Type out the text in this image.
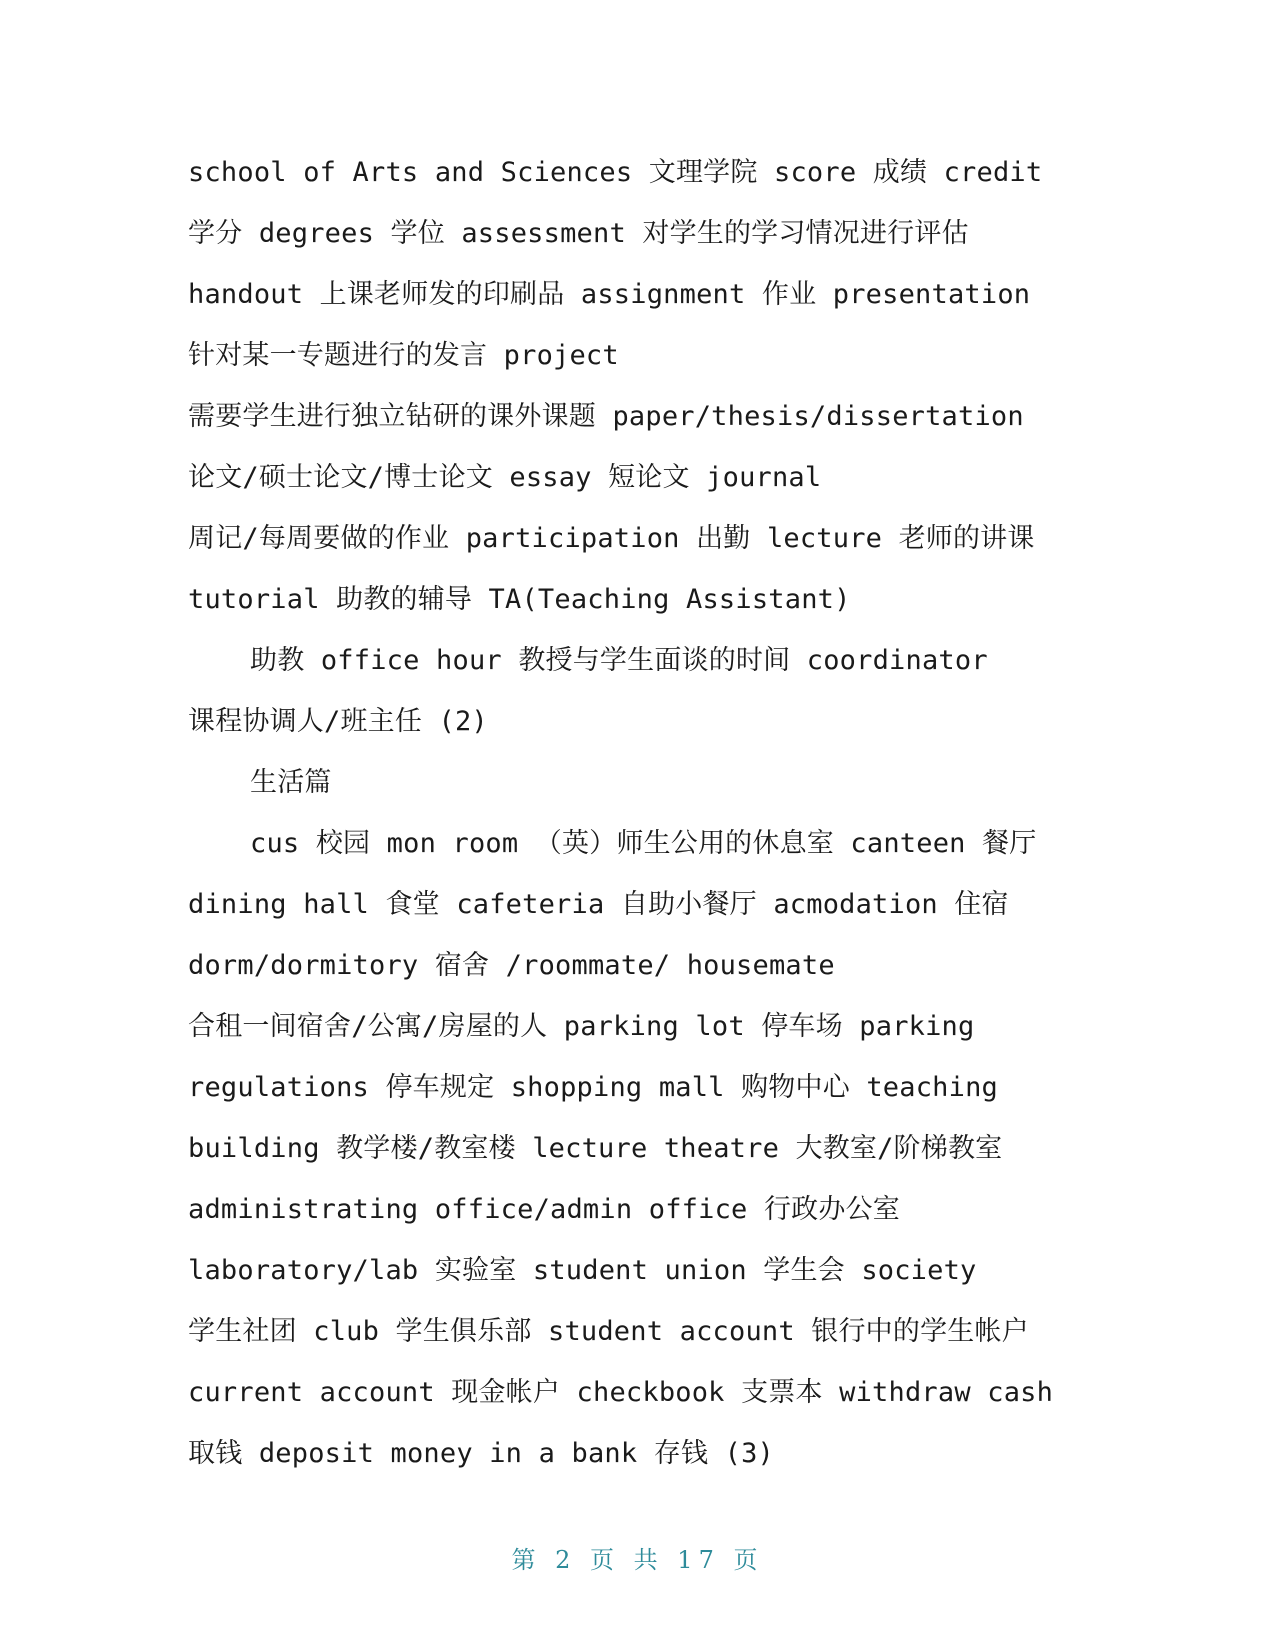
school of Arts and Sciences 文理学院 score 成绩 credit
学分 degrees 学位 assessment 对学生的学习情况进行评估
handout 上课老师发的印刷品 assignment 作业 presentation
针对某一专题进行的发言 project
需要学生进行独立钻研的课外课题 paper/thesis/dissertation
论文/硕士论文/博士论文 essay 短论文 journal
周记/每周要做的作业 participation 出勤 lecture 老师的讲课
tutorial 助教的辅导 TA(Teaching Assistant)
助教 office hour 教授与学生面谈的时间 coordinator
课程协调人/班主任 (2)
生活篇
cus 校园 mon room （英）师生公用的休息室 canteen 餐厅
dining hall 食堂 cafeteria 自助小餐厅 acmodation 住宿
dorm/dormitory 宿舍 /roommate/ housemate
合租一间宿舍/公寓/房屋的人 parking lot 停车场 parking
regulations 停车规定 shopping mall 购物中心 teaching
building 教学楼/教室楼 lecture theatre 大教室/阶梯教室
administrating office/admin office 行政办公室
laboratory/lab 实验室 student union 学生会 society
学生社团 club 学生俱乐部 student account 银行中的学生帐户
current account 现金帐户 checkbook 支票本 withdraw cash
取钱 deposit money in a bank 存钱 (3)
第 2 页 共 17 页
